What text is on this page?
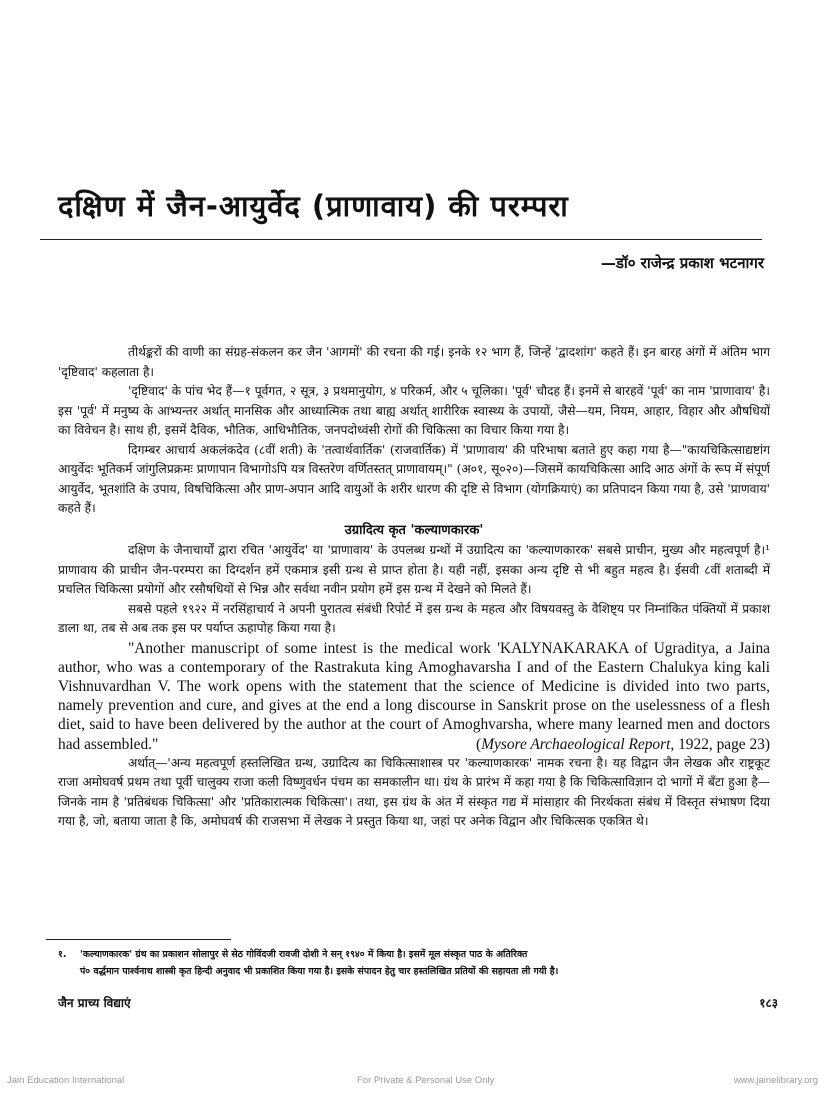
दक्षिण में जैन-आयुर्वेद (प्राणावाय) की परम्परा
—डॉ० राजेन्द्र प्रकाश भटनागर

तीर्थङ्करों की वाणी का संग्रह-संकलन कर जैन 'आगमों' की रचना की गई। इनके १२ भाग हैं, जिन्हें 'द्वादशांग' कहते हैं। इन बारह अंगों में अंतिम भाग 'दृष्टिवाद' कहलाता है।

'दृष्टिवाद' के पांच भेद हैं—१ पूर्वगत, २ सूत्र, ३ प्रथमानुयोग, ४ परिकर्म, और ५ चूलिका। 'पूर्व' चौदह हैं। इनमें से बारहवें 'पूर्व' का नाम 'प्राणावाय' है। इस 'पूर्व' में मनुष्य के आभ्यन्तर अर्थात् मानसिक और आध्यात्मिक तथा बाह्य अर्थात् शारीरिक स्वास्थ्य के उपायों, जैसे—यम, नियम, आहार, विहार और औषधियों का विवेचन है। साथ ही, इसमें दैविक, भौतिक, आधिभौतिक, जनपदोध्वंसी रोगों की चिकित्सा का विचार किया गया है।

दिगम्बर आचार्य अकलंकदेव (८वीं शती) के 'तत्वार्थवार्तिक' (राजवार्तिक) में 'प्राणावाय' की परिभाषा बताते हुए कहा गया है—"कायचिकित्साद्यष्टांग आयुर्वेदः भूतिकर्म जांगुलिप्रक्रमः प्राणापान विभागोऽपि यत्र विस्तरेण वर्णितस्तत् प्राणावायम्।" (अ०१, सू०२०)—जिसमें कायचिकित्सा आदि आठ अंगों के रूप में संपूर्ण आयुर्वेद, भूतशांति के उपाय, विषचिकित्सा और प्राण-अपान आदि वायुओं के शरीर धारण की दृष्टि से विभाग (योगक्रियाएं) का प्रतिपादन किया गया है, उसे 'प्राणवाय' कहते हैं।

उग्रादित्य कृत 'कल्याणकारक'

दक्षिण के जैनाचार्यों द्वारा रचित 'आयुर्वेद' या 'प्राणावाय' के उपलब्ध ग्रन्थों में उग्रादित्य का 'कल्याणकारक' सबसे प्राचीन, मुख्य और महत्वपूर्ण है।¹ प्राणावाय की प्राचीन जैन-परम्परा का दिग्दर्शन हमें एकमात्र इसी ग्रन्थ से प्राप्त होता है। यही नहीं, इसका अन्य दृष्टि से भी बहुत महत्व है। ईसवी ८वीं शताब्दी में प्रचलित चिकित्सा प्रयोगों और रसौषधियों से भिन्न और सर्वथा नवीन प्रयोग हमें इस ग्रन्थ में देखने को मिलते हैं।

सबसे पहले १९२२ में नरसिंहाचार्य ने अपनी पुरातत्व संबंधी रिपोर्ट में इस ग्रन्थ के महत्व और विषयवस्तु के वैशिष्ट्य पर निम्नांकित पंक्तियों में प्रकाश डाला था, तब से अब तक इस पर पर्याप्त ऊहापोह किया गया है।

"Another manuscript of some intest is the medical work 'KALYNAKARAKA of Ugraditya, a Jaina author, who was a contemporary of the Rastrakuta king Amoghavarsha I and of the Eastern Chalukya king kali Vishnuvardhan V. The work opens with the statement that the science of Medicine is divided into two parts, namely prevention and cure, and gives at the end a long discourse in Sanskrit prose on the uselessness of a flesh diet, said to have been delivered by the author at the court of Amoghvarsha, where many learned men and doctors had assembled."	(Mysore Archaeological Report, 1922, page 23)

अर्थात्—'अन्य महत्वपूर्ण हस्तलिखित ग्रन्थ, उग्रादित्य का चिकित्साशास्त्र पर 'कल्याणकारक' नामक रचना है। यह विद्वान जैन लेखक और राष्ट्रकूट राजा अमोघवर्ष प्रथम तथा पूर्वी चालुक्य राजा कली विष्णुवर्धन पंचम का समकालीन था। ग्रंथ के प्रारंभ में कहा गया है कि चिकित्साविज्ञान दो भागों में बँटा हुआ है—जिनके नाम है 'प्रतिबंधक चिकित्सा' और 'प्रतिकारात्मक चिकित्सा'। तथा, इस ग्रंथ के अंत में संस्कृत गद्य में मांसाहार की निरर्थकता संबंध में विस्तृत संभाषण दिया गया है, जो, बताया जाता है कि, अमोघवर्ष की राजसभा में लेखक ने प्रस्तुत किया था, जहां पर अनेक विद्वान और चिकित्सक एकत्रित थे।

१. 'कल्याणकारक' ग्रंथ का प्रकाशन सोलापुर से सेठ गोविंदजी रावजी दोशी ने सन् १९४० में किया है। इसमें मूल संस्कृत पाठ के अतिरिक्त
पं० वर्द्धमान पार्श्वनाथ शास्त्री कृत हिन्दी अनुवाद भी प्रकाशित किया गया है। इसके संपादन हेतु चार हस्तलिखित प्रतियों की सहायता ली गयी है।
जैन प्राच्य विद्याएं	१८३
Jain Education International	For Private & Personal Use Only	www.jainelibrary.org
